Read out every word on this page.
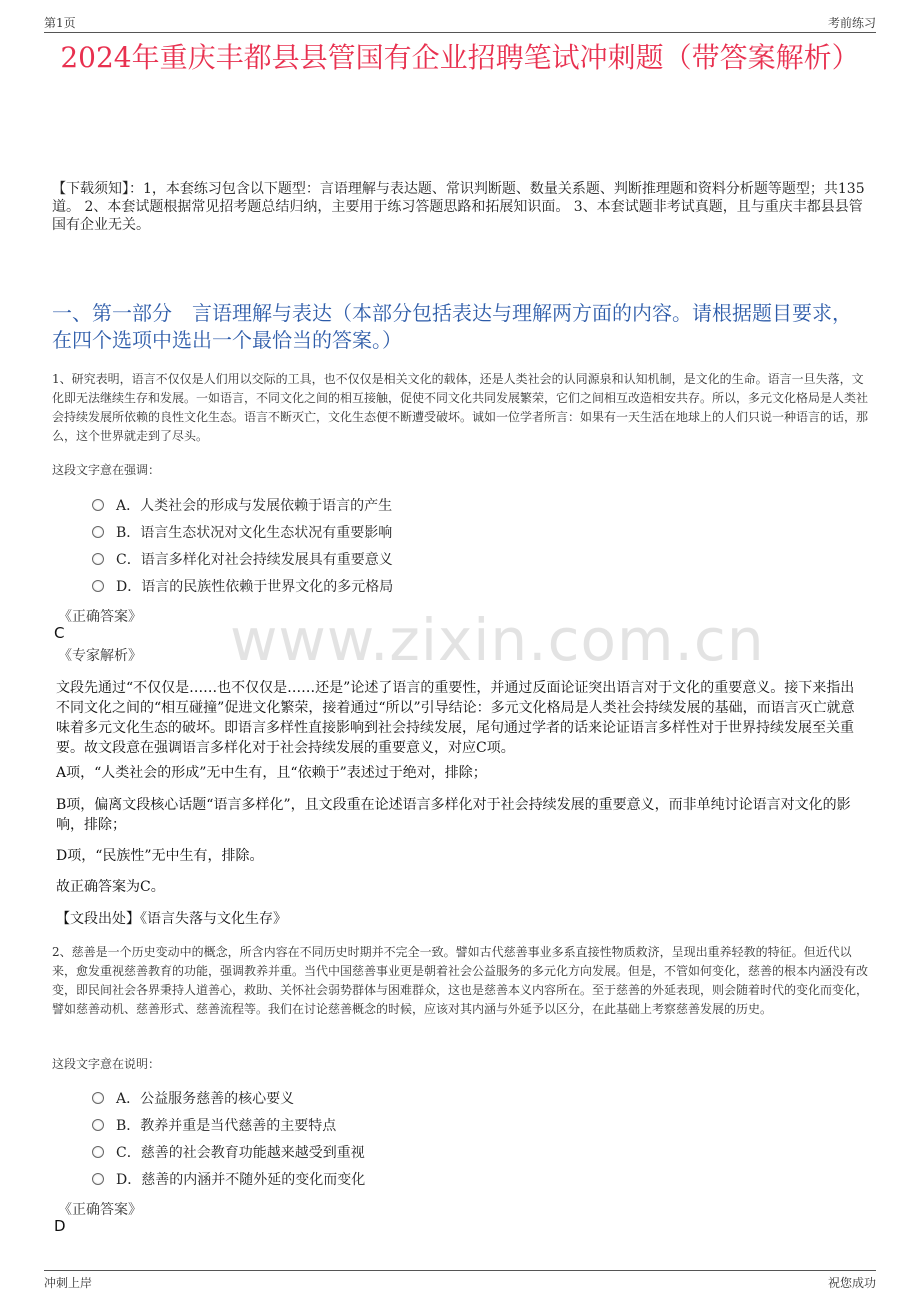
第1页	考前练习
2024年重庆丰都县县管国有企业招聘笔试冲刺题（带答案解析）
【下载须知】：1，本套练习包含以下题型：言语理解与表达题、常识判断题、数量关系题、判断推理题和资料分析题等题型；共135道。 2、本套试题根据常见招考题总结归纳，主要用于练习答题思路和拓展知识面。 3、本套试题非考试真题，且与重庆丰都县县管国有企业无关。
一、第一部分　言语理解与表达（本部分包括表达与理解两方面的内容。请根据题目要求，在四个选项中选出一个最恰当的答案。）
www.zixin.com.cn
1、研究表明，语言不仅仅是人们用以交际的工具，也不仅仅是相关文化的载体，还是人类社会的认同源泉和认知机制，是文化的生命。语言一旦失落，文化即无法继续生存和发展。一如语言，不同文化之间的相互接触，促使不同文化共同发展繁荣，它们之间相互改造相安共存。所以，多元文化格局是人类社会持续发展所依赖的良性文化生态。语言不断灭亡，文化生态便不断遭受破坏。诚如一位学者所言：如果有一天生活在地球上的人们只说一种语言的话，那么，这个世界就走到了尽头。
这段文字意在强调：
A．人类社会的形成与发展依赖于语言的产生
B．语言生态状况对文化生态状况有重要影响
C．语言多样化对社会持续发展具有重要意义
D．语言的民族性依赖于世界文化的多元格局
《正确答案》
C
《专家解析》
文段先通过“不仅仅是……也不仅仅是……还是”论述了语言的重要性，并通过反面论证突出语言对于文化的重要意义。接下来指出不同文化之间的“相互碰撞”促进文化繁荣，接着通过“所以”引导结论：多元文化格局是人类社会持续发展的基础，而语言灭亡就意味着多元文化生态的破坏。即语言多样性直接影响到社会持续发展，尾句通过学者的话来论证语言多样性对于世界持续发展至关重要。故文段意在强调语言多样化对于社会持续发展的重要意义，对应C项。
A项，“人类社会的形成”无中生有，且“依赖于”表述过于绝对，排除；
B项，偏离文段核心话题“语言多样化”，且文段重在论述语言多样化对于社会持续发展的重要意义，而非单纯讨论语言对文化的影响，排除；
D项，“民族性”无中生有，排除。
故正确答案为C。
【文段出处】《语言失落与文化生存》
2、慈善是一个历史变动中的概念，所含内容在不同历史时期并不完全一致。譬如古代慈善事业多系直接性物质救济，呈现出重养轻教的特征。但近代以来，愈发重视慈善教育的功能，强调教养并重。当代中国慈善事业更是朝着社会公益服务的多元化方向发展。但是，不管如何变化，慈善的根本内涵没有改变，即民间社会各界秉持人道善心，救助、关怀社会弱势群体与困难群众，这也是慈善本义内容所在。至于慈善的外延表现，则会随着时代的变化而变化，譬如慈善动机、慈善形式、慈善流程等。我们在讨论慈善概念的时候，应该对其内涵与外延予以区分，在此基础上考察慈善发展的历史。
这段文字意在说明：
A．公益服务慈善的核心要义
B．教养并重是当代慈善的主要特点
C．慈善的社会教育功能越来越受到重视
D．慈善的内涵并不随外延的变化而变化
《正确答案》
D
冲刺上岸	祝您成功
